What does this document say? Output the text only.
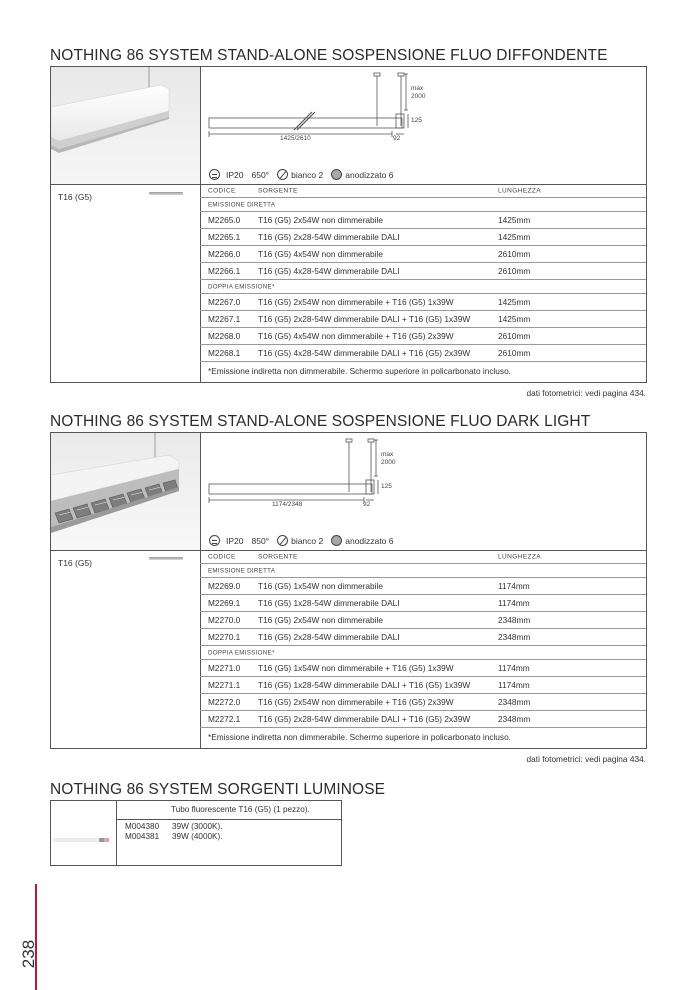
NOTHING 86 SYSTEM STAND-ALONE SOSPENSIONE FLUO DIFFONDENTE
max
2000
125
1425/2610	92
IP20 650°	bianco 2	anodizzato 6
T16 (G5)
CODICE	SORGENTE	LUNGHEZZA
EMISSIONE DIRETTA
M2265.0 T16 (G5) 2x54W non dimmerabile	1425mm
M2265.1 T16 (G5) 2x28-54W dimmerabile DALI	1425mm
M2266.0 T16 (G5) 4x54W non dimmerabile	2610mm
M2266.1 T16 (G5) 4x28-54W dimmerabile DALI	2610mm
DOPPIA EMISSIONE*
M2267.0 T16 (G5) 2x54W non dimmerabile + T16 (G5) 1x39W	1425mm
M2267.1 T16 (G5) 2x28-54W dimmerabile DALI + T16 (G5) 1x39W	1425mm
M2268.0 T16 (G5) 4x54W non dimmerabile + T16 (G5) 2x39W	2610mm
M2268.1 T16 (G5) 4x28-54W dimmerabile DALI + T16 (G5) 2x39W	2610mm
*Emissione indiretta non dimmerabile. Schermo superiore in policarbonato incluso.
dati fotometrici: vedi pagina 434.
NOTHING 86 SYSTEM STAND-ALONE SOSPENSIONE FLUO DARK LIGHT
max
2000
125
1174/2348	92
IP20 850°	bianco 2	anodizzato 6
T16 (G5)
CODICE	SORGENTE	LUNGHEZZA
EMISSIONE DIRETTA
M2269.0 T16 (G5) 1x54W non dimmerabile	1174mm
M2269.1 T16 (G5) 1x28-54W dimmerabile DALI	1174mm
M2270.0 T16 (G5) 2x54W non dimmerabile	2348mm
M2270.1 T16 (G5) 2x28-54W dimmerabile DALI	2348mm
DOPPIA EMISSIONE*
M2271.0 T16 (G5) 1x54W non dimmerabile + T16 (G5) 1x39W	1174mm
M2271.1 T16 (G5) 1x28-54W dimmerabile DALI + T16 (G5) 1x39W	1174mm
M2272.0 T16 (G5) 2x54W non dimmerabile + T16 (G5) 2x39W	2348mm
M2272.1 T16 (G5) 2x28-54W dimmerabile DALI + T16 (G5) 2x39W	2348mm
*Emissione indiretta non dimmerabile. Schermo superiore in policarbonato incluso.
dati fotometrici: vedi pagina 434.
NOTHING 86 SYSTEM SORGENTI LUMINOSE
Tubo fluorescente T16 (G5) (1 pezzo).
M004380 39W (3000K).
M004381 39W (4000K).
238
